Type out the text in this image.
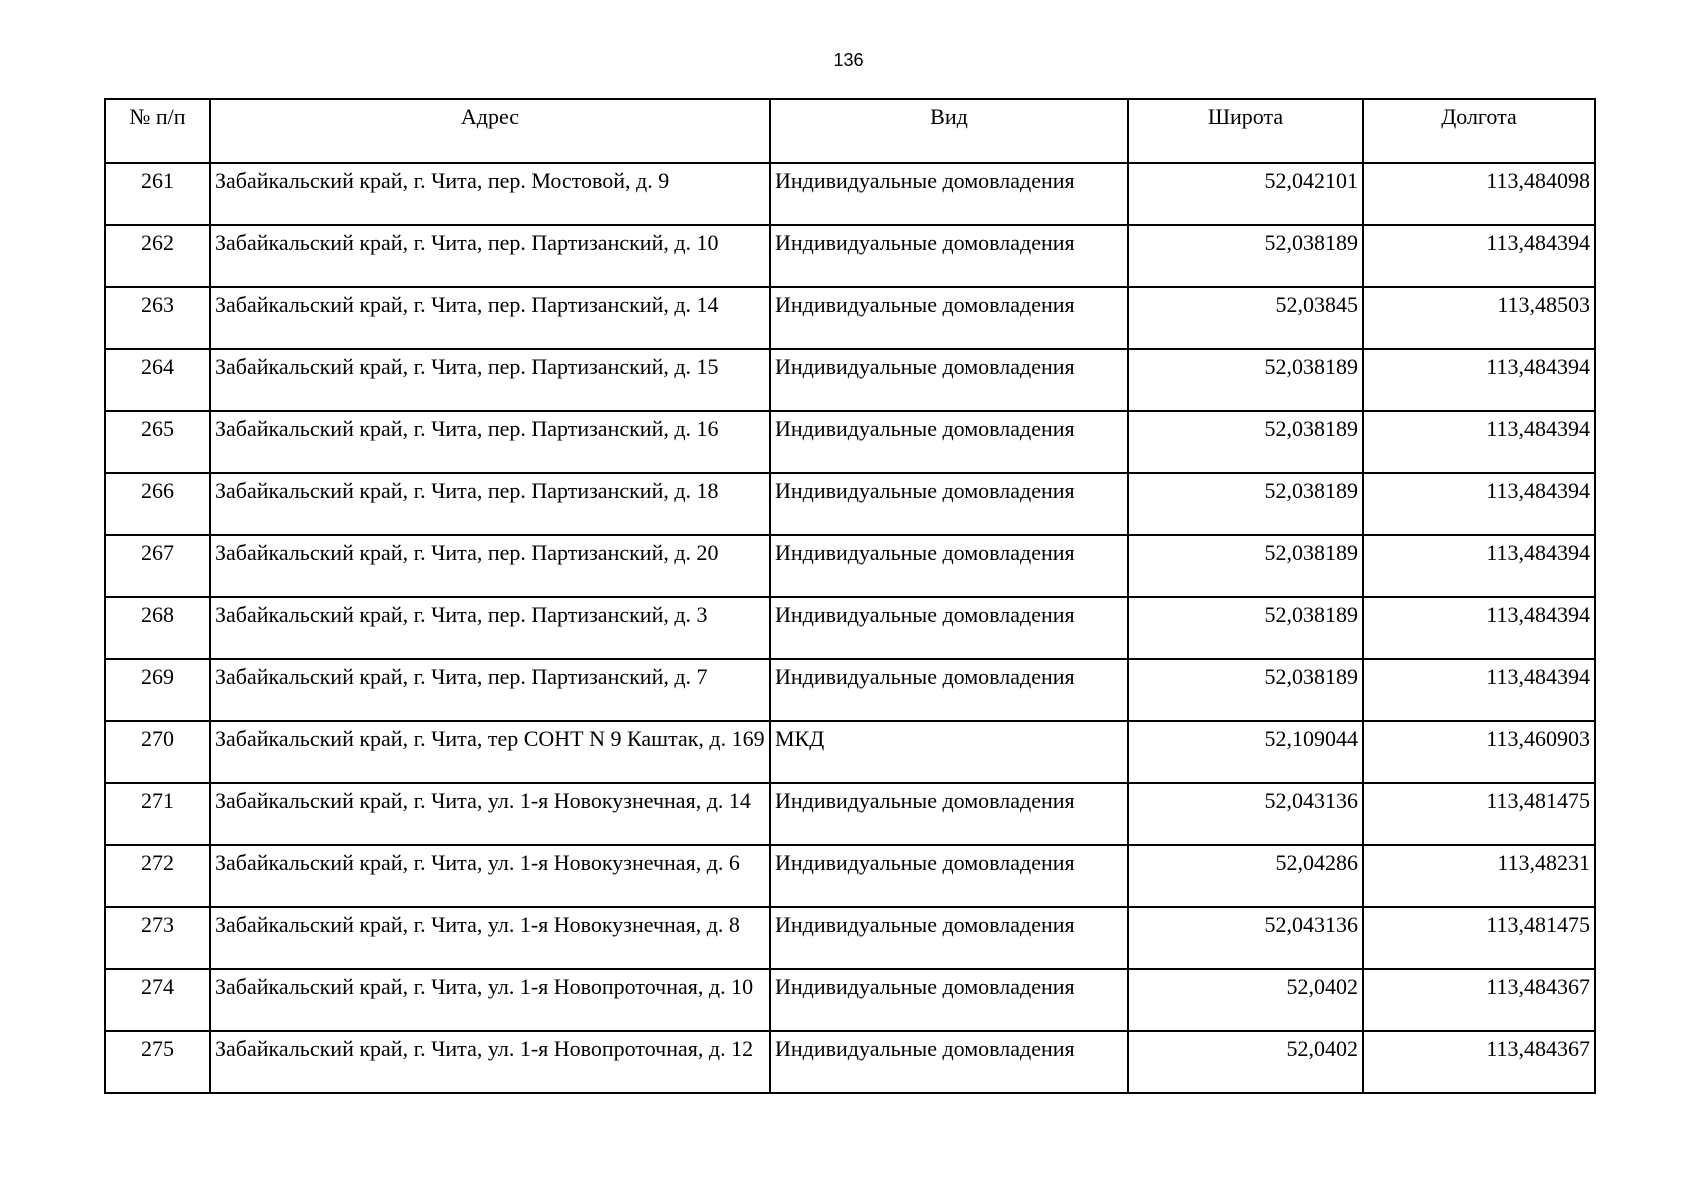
136
№ п/п	Адрес	Вид	Широта	Долгота
261	Забайкальский край, г. Чита, пер. Мостовой, д. 9	Индивидуальные домовладения	52,042101	113,484098
262	Забайкальский край, г. Чита, пер. Партизанский, д. 10	Индивидуальные домовладения	52,038189	113,484394
263	Забайкальский край, г. Чита, пер. Партизанский, д. 14	Индивидуальные домовладения	52,03845	113,48503
264	Забайкальский край, г. Чита, пер. Партизанский, д. 15	Индивидуальные домовладения	52,038189	113,484394
265	Забайкальский край, г. Чита, пер. Партизанский, д. 16	Индивидуальные домовладения	52,038189	113,484394
266	Забайкальский край, г. Чита, пер. Партизанский, д. 18	Индивидуальные домовладения	52,038189	113,484394
267	Забайкальский край, г. Чита, пер. Партизанский, д. 20	Индивидуальные домовладения	52,038189	113,484394
268	Забайкальский край, г. Чита, пер. Партизанский, д. 3	Индивидуальные домовладения	52,038189	113,484394
269	Забайкальский край, г. Чита, пер. Партизанский, д. 7	Индивидуальные домовладения	52,038189	113,484394
270	Забайкальский край, г. Чита, тер СОНТ N 9 Каштак, д. 169	МКД	52,109044	113,460903
271	Забайкальский край, г. Чита, ул. 1-я Новокузнечная, д. 14	Индивидуальные домовладения	52,043136	113,481475
272	Забайкальский край, г. Чита, ул. 1-я Новокузнечная, д. 6	Индивидуальные домовладения	52,04286	113,48231
273	Забайкальский край, г. Чита, ул. 1-я Новокузнечная, д. 8	Индивидуальные домовладения	52,043136	113,481475
274	Забайкальский край, г. Чита, ул. 1-я Новопроточная, д. 10	Индивидуальные домовладения	52,0402	113,484367
275	Забайкальский край, г. Чита, ул. 1-я Новопроточная, д. 12	Индивидуальные домовладения	52,0402	113,484367
